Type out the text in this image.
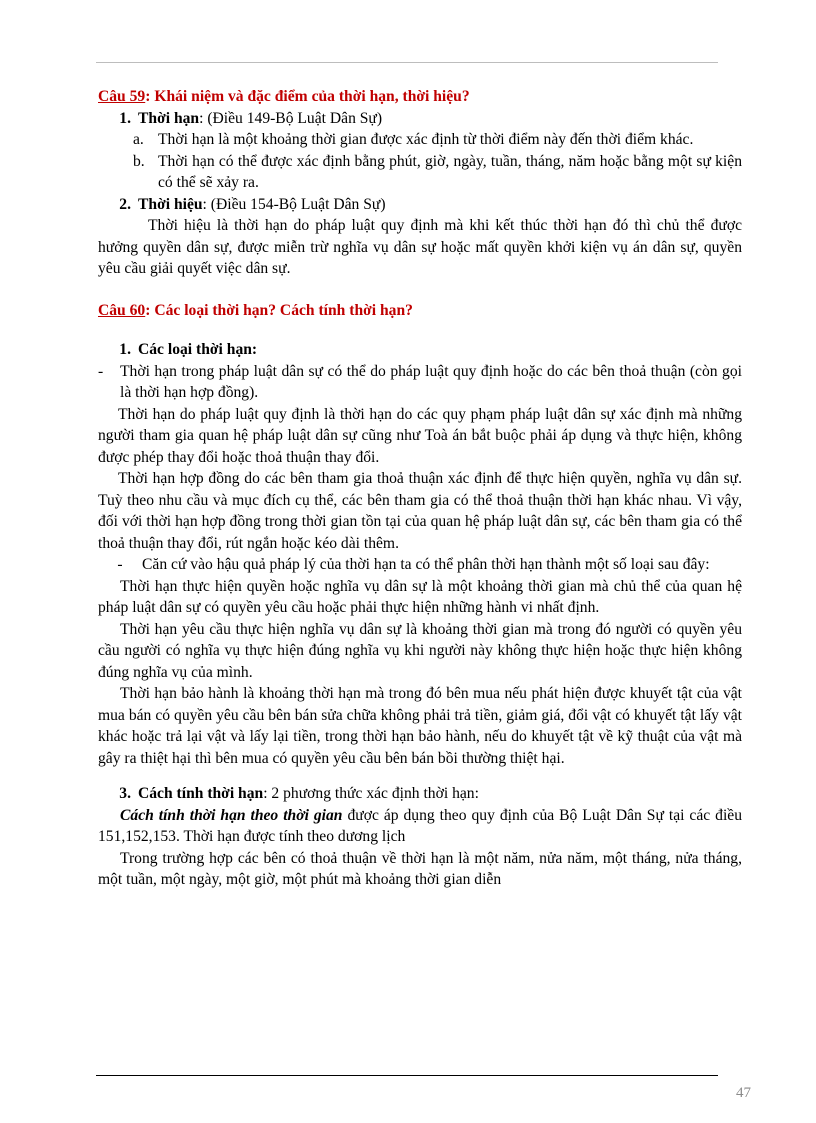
Câu 59: Khái niệm và đặc điểm của thời hạn, thời hiệu?

1. Thời hạn: (Điều 149-Bộ Luật Dân Sự)
a. Thời hạn là một khoảng thời gian được xác định từ thời điểm này đến thời điểm khác.
b. Thời hạn có thể được xác định bằng phút, giờ, ngày, tuần, tháng, năm hoặc bằng một sự kiện có thể sẽ xảy ra.
2. Thời hiệu: (Điều 154-Bộ Luật Dân Sự)

Thời hiệu là thời hạn do pháp luật quy định mà khi kết thúc thời hạn đó thì chủ thể được hưởng quyền dân sự, được miễn trừ nghĩa vụ dân sự hoặc mất quyền khởi kiện vụ án dân sự, quyền yêu cầu giải quyết việc dân sự.

Câu 60: Các loại thời hạn? Cách tính thời hạn?

1. Các loại thời hạn:
-	Thời hạn trong pháp luật dân sự có thể do pháp luật quy định hoặc do các bên thoả thuận (còn gọi là thời hạn hợp đồng).

Thời hạn do pháp luật quy định là thời hạn do các quy phạm pháp luật dân sự xác định mà những người tham gia quan hệ pháp luật dân sự cũng như Toà án bắt buộc phải áp dụng và thực hiện, không được phép thay đổi hoặc thoả thuận thay đổi.

Thời hạn hợp đồng do các bên tham gia thoả thuận xác định để thực hiện quyền, nghĩa vụ dân sự. Tuỳ theo nhu cầu và mục đích cụ thể, các bên tham gia có thể thoả thuận thời hạn khác nhau. Vì vậy, đối với thời hạn hợp đồng trong thời gian tồn tại của quan hệ pháp luật dân sự, các bên tham gia có thể thoả thuận thay đổi, rút ngắn hoặc kéo dài thêm.

-	Căn cứ vào hậu quả pháp lý của thời hạn ta có thể phân thời hạn thành một số loại sau đây:

Thời hạn thực hiện quyền hoặc nghĩa vụ dân sự là một khoảng thời gian mà chủ thể của quan hệ pháp luật dân sự có quyền yêu cầu hoặc phải thực hiện những hành vi nhất định.

Thời hạn yêu cầu thực hiện nghĩa vụ dân sự là khoảng thời gian mà trong đó người có quyền yêu cầu người có nghĩa vụ thực hiện đúng nghĩa vụ khi người này không thực hiện hoặc thực hiện không đúng nghĩa vụ của mình.

Thời hạn bảo hành là khoảng thời hạn mà trong đó bên mua nếu phát hiện được khuyết tật của vật mua bán có quyền yêu cầu bên bán sửa chữa không phải trả tiền, giảm giá, đổi vật có khuyết tật lấy vật khác hoặc trả lại vật và lấy lại tiền, trong thời hạn bảo hành, nếu do khuyết tật về kỹ thuật của vật mà gây ra thiệt hại thì bên mua có quyền yêu cầu bên bán bồi thường thiệt hại.

3. Cách tính thời hạn: 2 phương thức xác định thời hạn:

Cách tính thời hạn theo thời gian được áp dụng theo quy định của Bộ Luật Dân Sự tại các điều 151,152,153. Thời hạn được tính theo dương lịch

Trong trường hợp các bên có thoả thuận về thời hạn là một năm, nửa năm, một tháng, nửa tháng, một tuần, một ngày, một giờ, một phút mà khoảng thời gian diễn

47
